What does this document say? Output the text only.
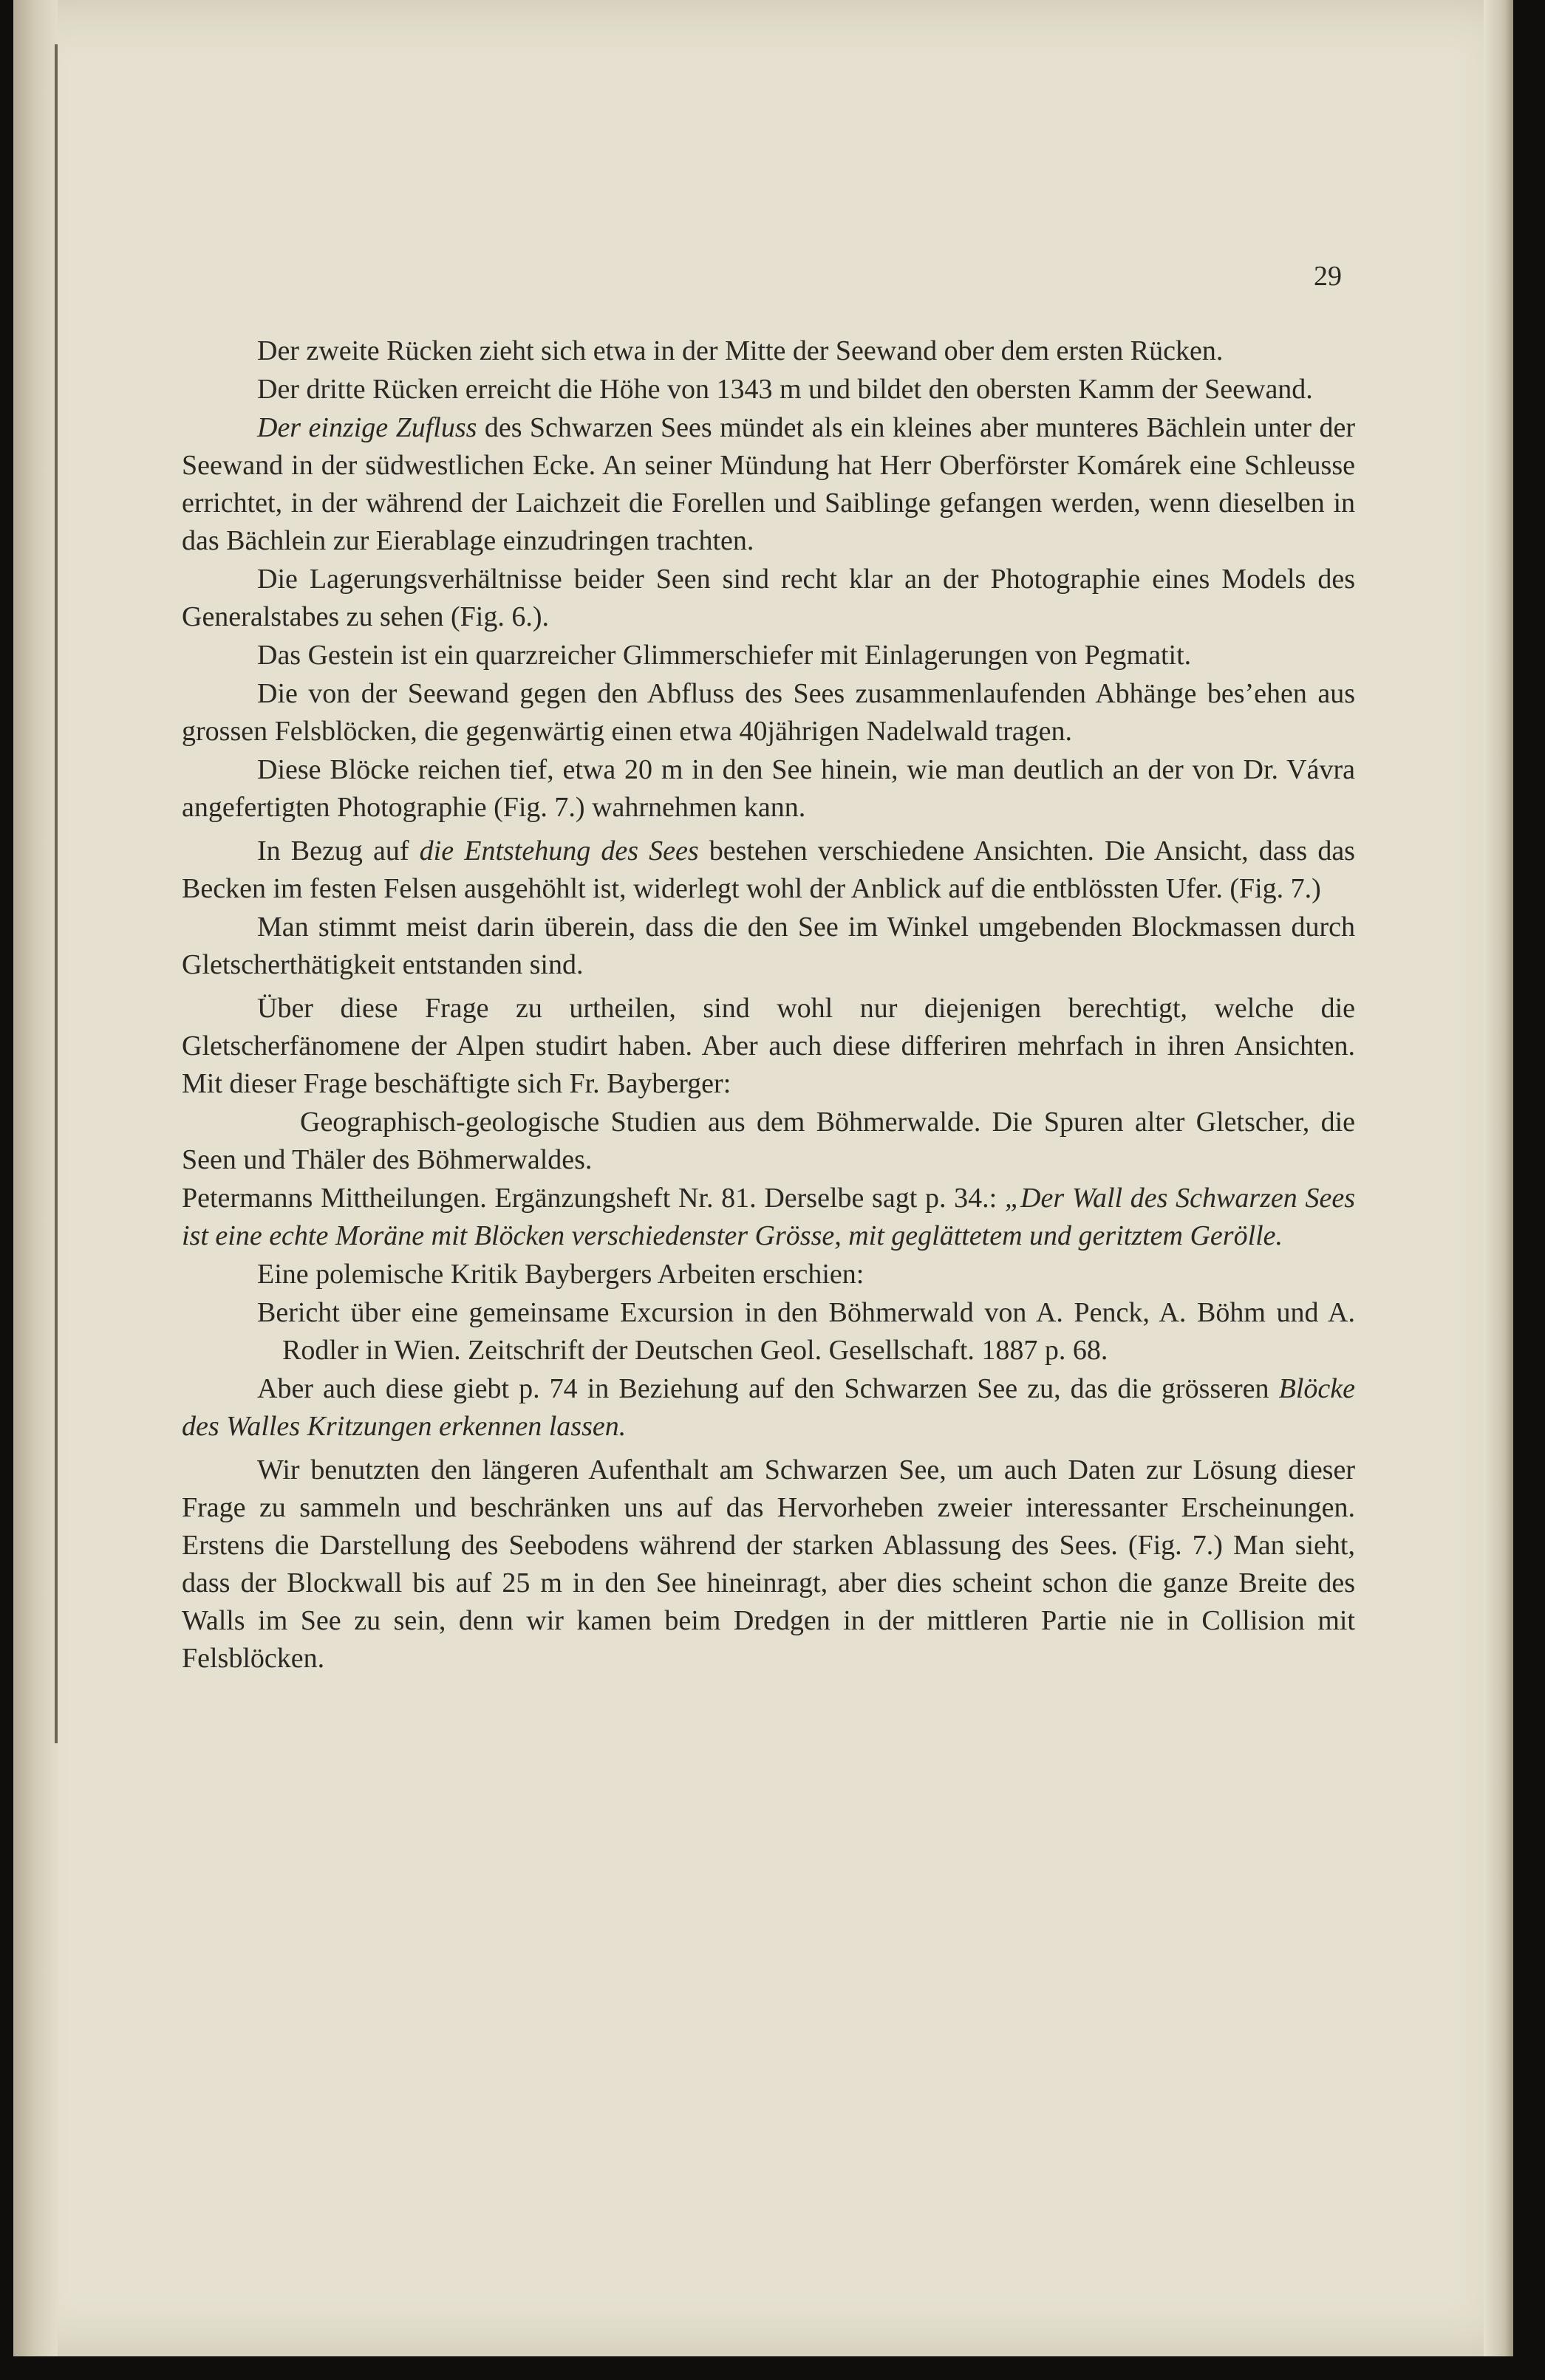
29

Der zweite Rücken zieht sich etwa in der Mitte der Seewand ober dem ersten Rücken.

Der dritte Rücken erreicht die Höhe von 1343 m und bildet den obersten Kamm der Seewand.

Der einzige Zufluss des Schwarzen Sees mündet als ein kleines aber munteres Bächlein unter der Seewand in der südwestlichen Ecke. An seiner Mündung hat Herr Oberförster Komárek eine Schleusse errichtet, in der während der Laichzeit die Forellen und Saiblinge gefangen werden, wenn dieselben in das Bächlein zur Eierablage einzudringen trachten.

Die Lagerungsverhältnisse beider Seen sind recht klar an der Photographie eines Models des Generalstabes zu sehen (Fig. 6.).

Das Gestein ist ein quarzreicher Glimmerschiefer mit Einlagerungen von Pegmatit.

Die von der Seewand gegen den Abfluss des Sees zusammenlaufenden Abhänge bes’ehen aus grossen Felsblöcken, die gegenwärtig einen etwa 40jährigen Nadelwald tragen.

Diese Blöcke reichen tief, etwa 20 m in den See hinein, wie man deutlich an der von Dr. Vávra angefertigten Photographie (Fig. 7.) wahrnehmen kann.

In Bezug auf die Entstehung des Sees bestehen verschiedene Ansichten. Die Ansicht, dass das Becken im festen Felsen ausgehöhlt ist, widerlegt wohl der Anblick auf die entblössten Ufer. (Fig. 7.)

Man stimmt meist darin überein, dass die den See im Winkel umgebenden Blockmassen durch Gletscherthätigkeit entstanden sind.

Über diese Frage zu urtheilen, sind wohl nur diejenigen berechtigt, welche die Gletscherfänomene der Alpen studirt haben. Aber auch diese differiren mehrfach in ihren Ansichten. Mit dieser Frage beschäftigte sich Fr. Bayberger:

Geographisch-geologische Studien aus dem Böhmerwalde. Die Spuren alter Gletscher, die Seen und Thäler des Böhmerwaldes.

Petermanns Mittheilungen. Ergänzungsheft Nr. 81. Derselbe sagt p. 34.: „Der Wall des Schwarzen Sees ist eine echte Moräne mit Blöcken verschiedenster Grösse, mit geglättetem und geritztem Gerölle.

Eine polemische Kritik Baybergers Arbeiten erschien:

Bericht über eine gemeinsame Excursion in den Böhmerwald von A. Penck, A. Böhm und A. Rodler in Wien. Zeitschrift der Deutschen Geol. Gesellschaft. 1887 p. 68.

Aber auch diese giebt p. 74 in Beziehung auf den Schwarzen See zu, das die grösseren Blöcke des Walles Kritzungen erkennen lassen.

Wir benutzten den längeren Aufenthalt am Schwarzen See, um auch Daten zur Lösung dieser Frage zu sammeln und beschränken uns auf das Hervorheben zweier interessanter Erscheinungen. Erstens die Darstellung des Seebodens während der starken Ablassung des Sees. (Fig. 7.) Man sieht, dass der Blockwall bis auf 25 m in den See hineinragt, aber dies scheint schon die ganze Breite des Walls im See zu sein, denn wir kamen beim Dredgen in der mittleren Partie nie in Collision mit Felsblöcken.
